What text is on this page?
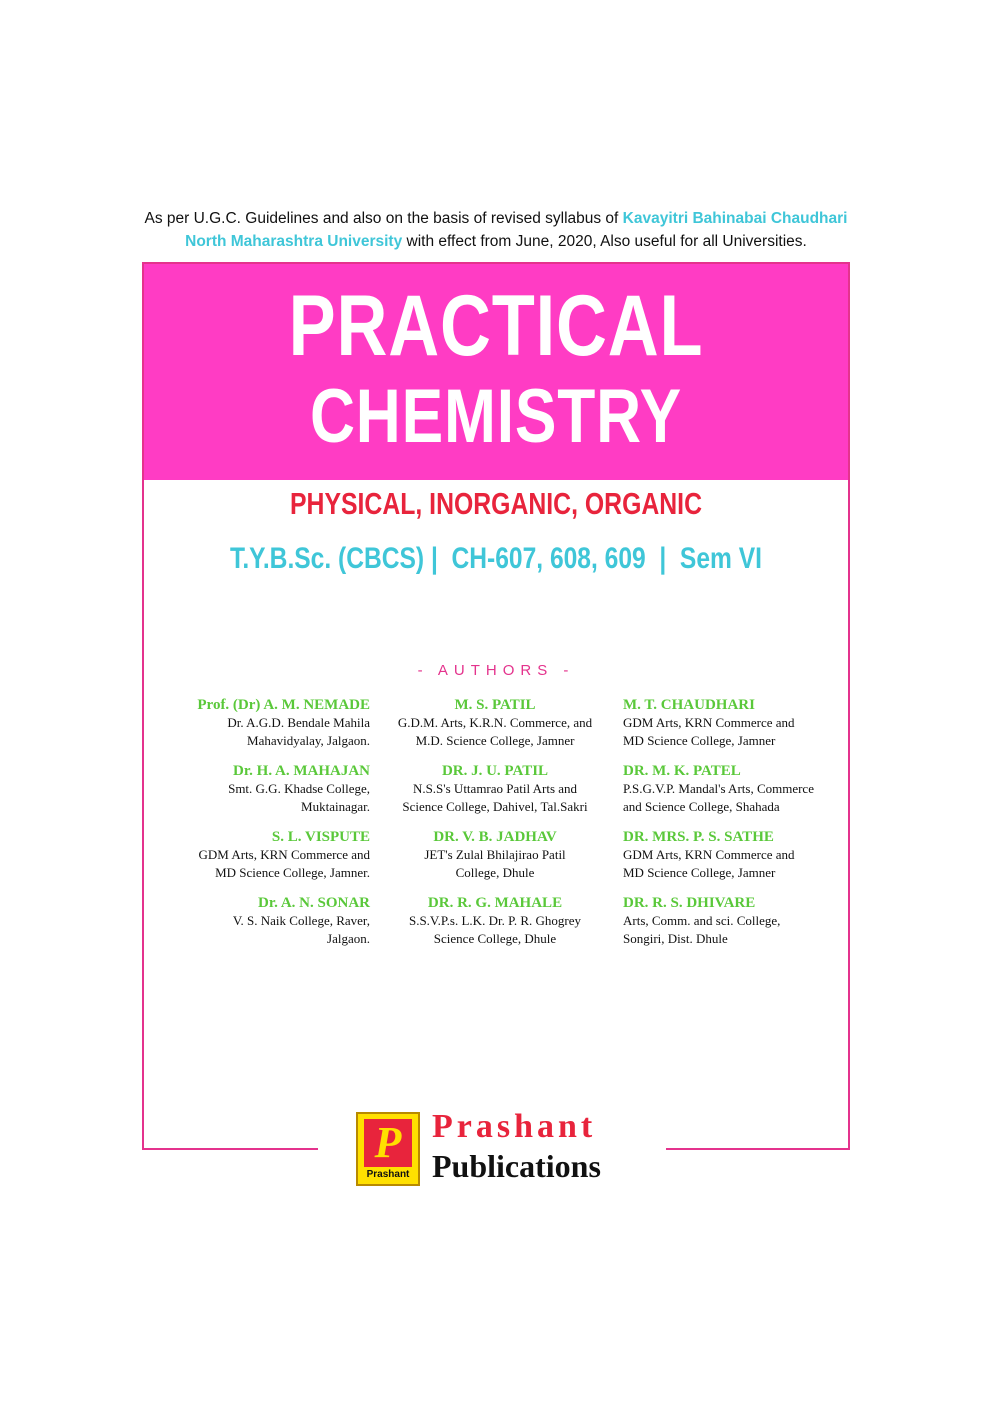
As per U.G.C. Guidelines and also on the basis of revised syllabus of Kavayitri Bahinabai Chaudhari
North Maharashtra University with effect from June, 2020, Also useful for all Universities.
PRACTICAL
CHEMISTRY
PHYSICAL, INORGANIC, ORGANIC
T.Y.B.Sc. (CBCS) |  CH-607, 608, 609  |  Sem VI
- AUTHORS -
Prof. (Dr) A. M. NEMADE
Dr. A.G.D. Bendale Mahila
Mahavidyalay, Jalgaon.
Dr. H. A. MAHAJAN
Smt. G.G. Khadse College,
Muktainagar.
S. L. VISPUTE
GDM Arts, KRN Commerce and
MD Science College, Jamner.
Dr. A. N. SONAR
V. S. Naik College, Raver,
Jalgaon.
M. S. PATIL
G.D.M. Arts, K.R.N. Commerce, and
M.D. Science College, Jamner
DR. J. U. PATIL
N.S.S's Uttamrao Patil Arts and
Science College, Dahivel, Tal.Sakri
DR. V. B. JADHAV
JET's Zulal Bhilajirao Patil
College, Dhule
DR. R. G. MAHALE
S.S.V.P.s. L.K. Dr. P. R. Ghogrey
Science College, Dhule
M. T. CHAUDHARI
GDM Arts, KRN Commerce and
MD Science College, Jamner
DR. M. K. PATEL
P.S.G.V.P. Mandal's Arts, Commerce
and Science College, Shahada
DR. MRS. P. S. SATHE
GDM Arts, KRN Commerce and
MD Science College, Jamner
DR. R. S. DHIVARE
Arts, Comm. and sci. College,
Songiri, Dist. Dhule
P
Prashant
Prashant
Publications
